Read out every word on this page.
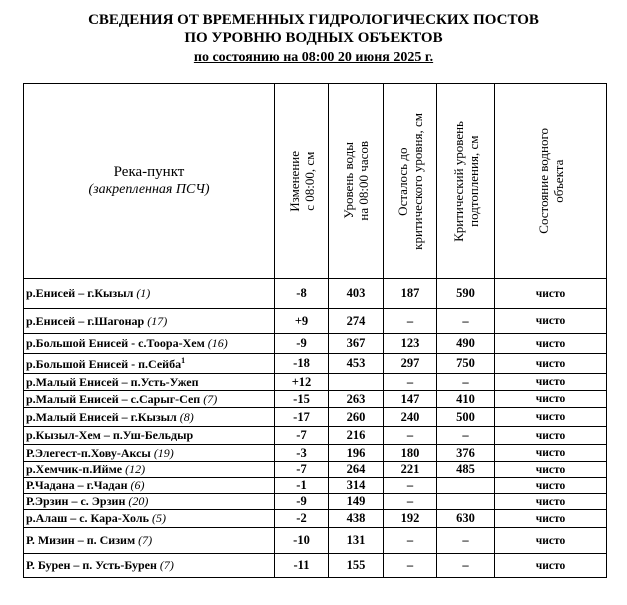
СВЕДЕНИЯ ОТ ВРЕМЕННЫХ ГИДРОЛОГИЧЕСКИХ ПОСТОВ
ПО УРОВНЮ ВОДНЫХ ОБЪЕКТОВ
по состоянию на 08:00 20 июня 2025 г.
Река-пункт
(закрепленная ПСЧ)	Изменение с 08:00, см	Уровень воды на 08:00 часов	Осталось до критического уровня, см	Критический уровень подтопления, см	Состояние водного объекта

р.Енисей – г.Кызыл (1)	-8	403	187	590	чисто
р.Енисей – г.Шагонар (17)	+9	274	–	–	чисто
р.Большой Енисей - с.Тоора-Хем (16)	-9	367	123	490	чисто
р.Большой Енисей - п.Сейба$^1$	-18	453	297	750	чисто
р.Малый Енисей – п.Усть-Ужеп	+12		–	–	чисто
р.Малый Енисей – с.Сарыг-Сеп (7)	-15	263	147	410	чисто
р.Малый Енисей – г.Кызыл (8)	-17	260	240	500	чисто
р.Кызыл-Хем – п.Уш-Бельдыр	-7	216	–	–	чисто
Р.Элегест-п.Хову-Аксы (19)	-3	196	180	376	чисто
р.Хемчик-п.Ийме (12)	-7	264	221	485	чисто
Р.Чадана – г.Чадан (6)	-1	314	–		чисто
Р.Эрзин – с. Эрзин (20)	-9	149	–		чисто
р.Алаш – с. Кара-Холь (5)	-2	438	192	630	чисто
Р. Мизин – п. Сизим (7)	-10	131	–	–	чисто
Р. Бурен – п. Усть-Бурен (7)	-11	155	–	–	чисто
